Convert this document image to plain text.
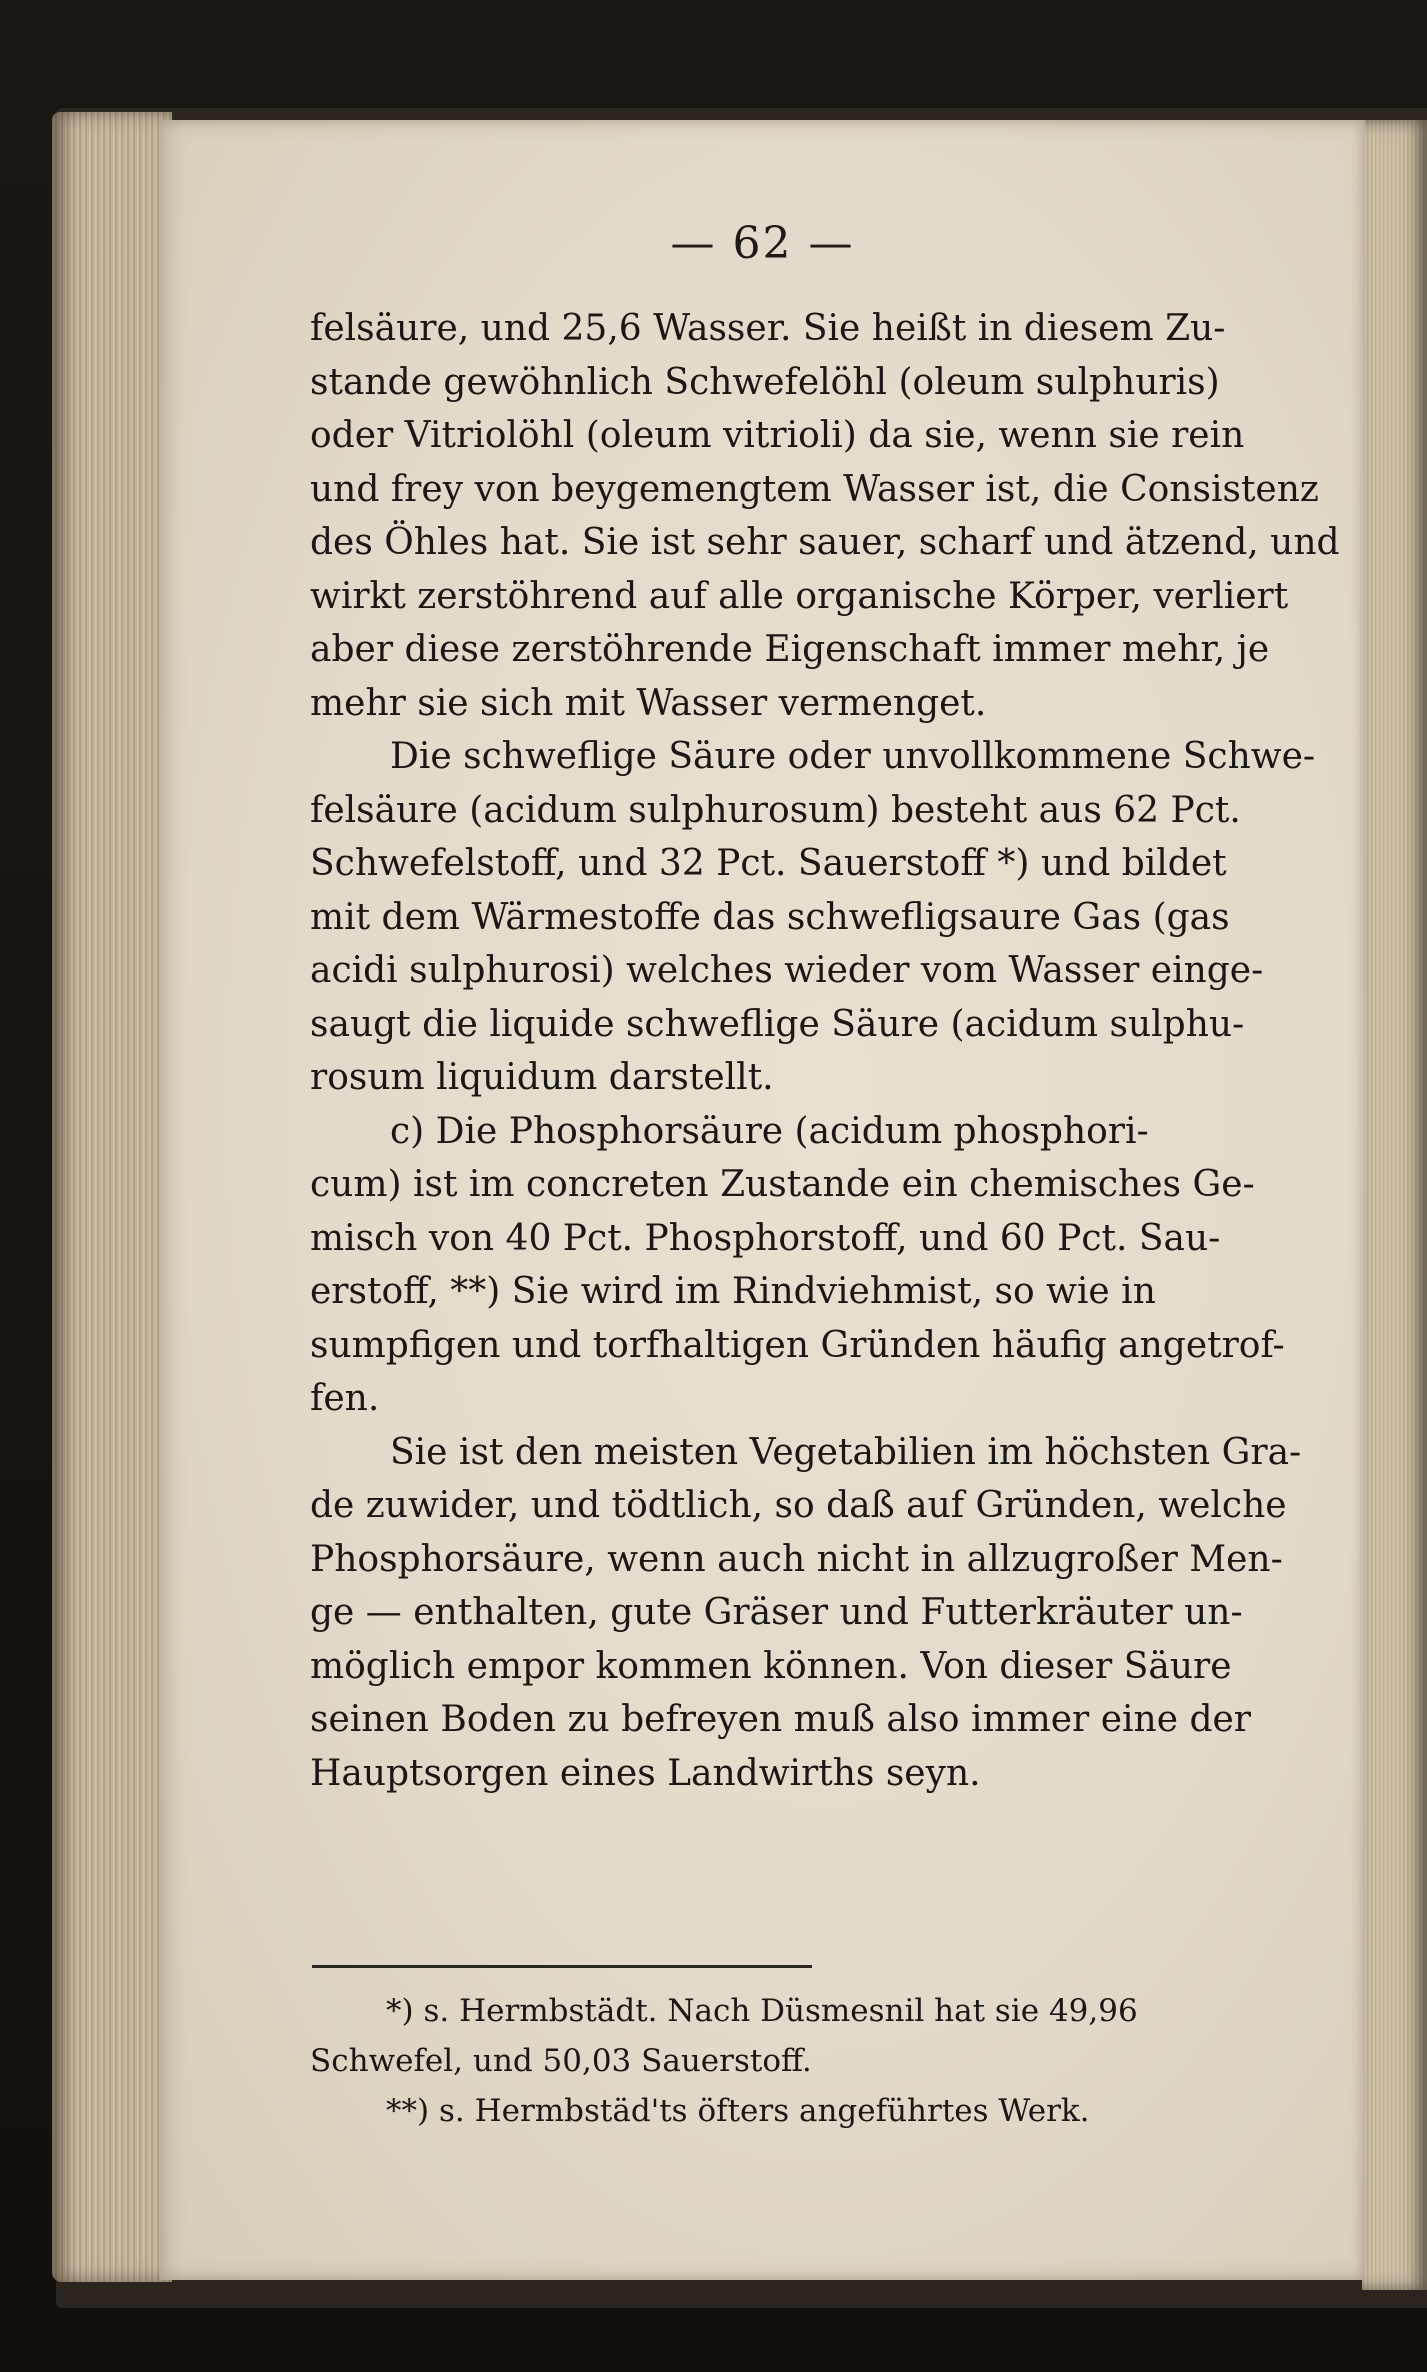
— 62 —
felsäure, und 25,6 Wasser. Sie heißt in diesem Zu-
stande gewöhnlich Schwefelöhl (oleum sulphuris)
oder Vitriolöhl (oleum vitrioli) da sie, wenn sie rein
und frey von beygemengtem Wasser ist, die Consistenz
des Öhles hat. Sie ist sehr sauer, scharf und ätzend, und
wirkt zerstöhrend auf alle organische Körper, verliert
aber diese zerstöhrende Eigenschaft immer mehr, je
mehr sie sich mit Wasser vermenget.
Die schweflige Säure oder unvollkommene Schwe-
felsäure (acidum sulphurosum) besteht aus 62 Pct.
Schwefelstoff, und 32 Pct. Sauerstoff *) und bildet
mit dem Wärmestoffe das schwefligsaure Gas (gas
acidi sulphurosi) welches wieder vom Wasser einge-
saugt die liquide schweflige Säure (acidum sulphu-
rosum liquidum darstellt.
c) Die Phosphorsäure (acidum phosphori-
cum) ist im concreten Zustande ein chemisches Ge-
misch von 40 Pct. Phosphorstoff, und 60 Pct. Sau-
erstoff, **) Sie wird im Rindviehmist, so wie in
sumpfigen und torfhaltigen Gründen häufig angetrof-
fen.
Sie ist den meisten Vegetabilien im höchsten Gra-
de zuwider, und tödtlich, so daß auf Gründen, welche
Phosphorsäure, wenn auch nicht in allzugroßer Men-
ge — enthalten, gute Gräser und Futterkräuter un-
möglich empor kommen können. Von dieser Säure
seinen Boden zu befreyen muß also immer eine der
Hauptsorgen eines Landwirths seyn.
*) s. Hermbstädt. Nach Düsmesnil hat sie 49,96
Schwefel, und 50,03 Sauerstoff.
**) s. Hermbstäd'ts öfters angeführtes Werk.
